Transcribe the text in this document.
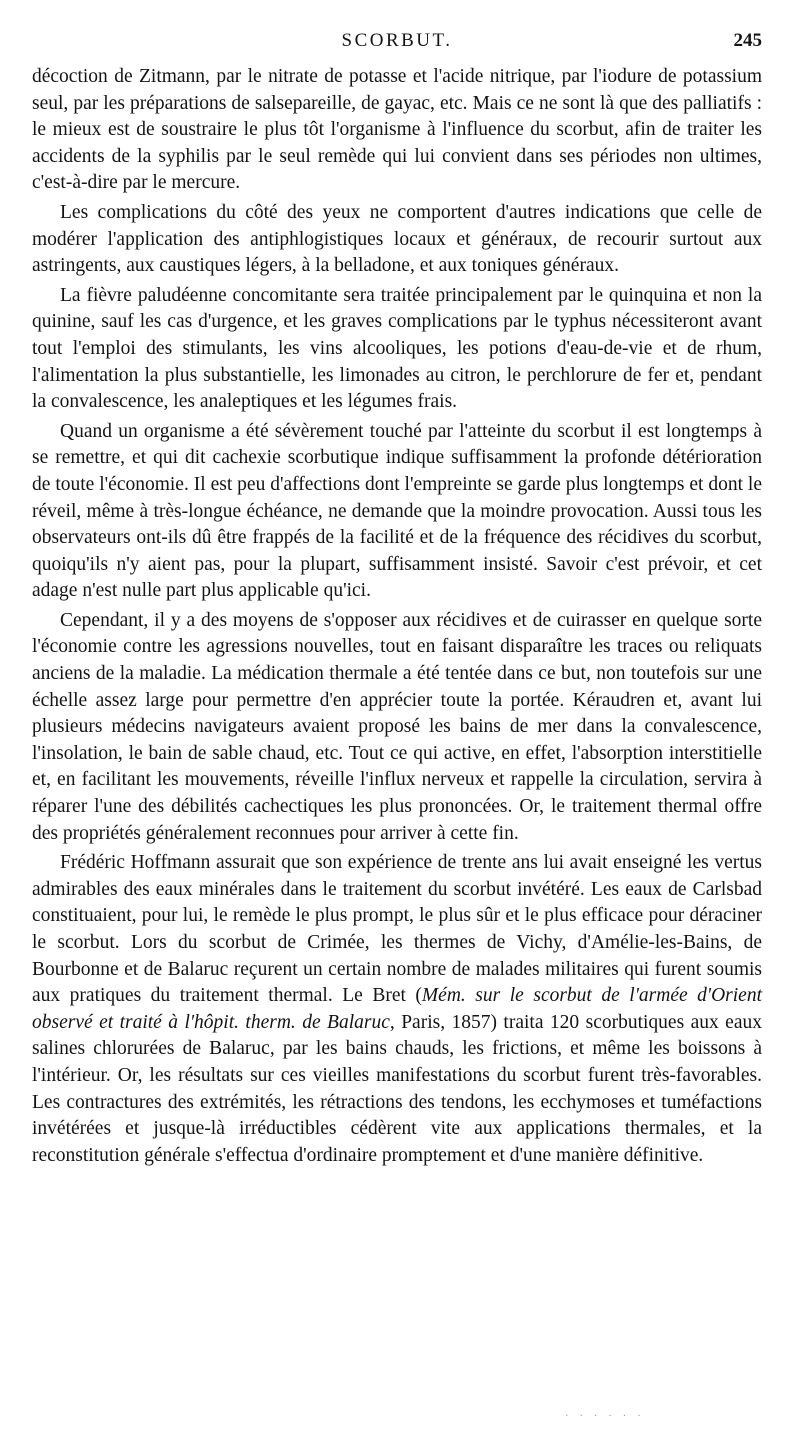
SCORBUT.	245

décoction de Zitmann, par le nitrate de potasse et l'acide nitrique, par l'iodure de potassium seul, par les préparations de salsepareille, de gayac, etc. Mais ce ne sont là que des palliatifs : le mieux est de soustraire le plus tôt l'organisme à l'influence du scorbut, afin de traiter les accidents de la syphilis par le seul remède qui lui convient dans ses périodes non ultimes, c'est-à-dire par le mercure.

Les complications du côté des yeux ne comportent d'autres indications que celle de modérer l'application des antiphlogistiques locaux et généraux, de recourir surtout aux astringents, aux caustiques légers, à la belladone, et aux toniques généraux.

La fièvre paludéenne concomitante sera traitée principalement par le quinquina et non la quinine, sauf les cas d'urgence, et les graves complications par le typhus nécessiteront avant tout l'emploi des stimulants, les vins alcooliques, les potions d'eau-de-vie et de rhum, l'alimentation la plus substantielle, les limonades au citron, le perchlorure de fer et, pendant la convalescence, les analeptiques et les légumes frais.

Quand un organisme a été sévèrement touché par l'atteinte du scorbut il est longtemps à se remettre, et qui dit cachexie scorbutique indique suffisamment la profonde détérioration de toute l'économie. Il est peu d'affections dont l'empreinte se garde plus longtemps et dont le réveil, même à très-longue échéance, ne demande que la moindre provocation. Aussi tous les observateurs ont-ils dû être frappés de la facilité et de la fréquence des récidives du scorbut, quoiqu'ils n'y aient pas, pour la plupart, suffisamment insisté. Savoir c'est prévoir, et cet adage n'est nulle part plus applicable qu'ici.

Cependant, il y a des moyens de s'opposer aux récidives et de cuirasser en quelque sorte l'économie contre les agressions nouvelles, tout en faisant disparaître les traces ou reliquats anciens de la maladie. La médication thermale a été tentée dans ce but, non toutefois sur une échelle assez large pour permettre d'en apprécier toute la portée. Kéraudren et, avant lui plusieurs médecins navigateurs avaient proposé les bains de mer dans la convalescence, l'insolation, le bain de sable chaud, etc. Tout ce qui active, en effet, l'absorption interstitielle et, en facilitant les mouvements, réveille l'influx nerveux et rappelle la circulation, servira à réparer l'une des débilités cachectiques les plus prononcées. Or, le traitement thermal offre des propriétés généralement reconnues pour arriver à cette fin.

Frédéric Hoffmann assurait que son expérience de trente ans lui avait enseigné les vertus admirables des eaux minérales dans le traitement du scorbut invétéré. Les eaux de Carlsbad constituaient, pour lui, le remède le plus prompt, le plus sûr et le plus efficace pour déraciner le scorbut. Lors du scorbut de Crimée, les thermes de Vichy, d'Amélie-les-Bains, de Bourbonne et de Balaruc reçurent un certain nombre de malades militaires qui furent soumis aux pratiques du traitement thermal. Le Bret (Mém. sur le scorbut de l'armée d'Orient observé et traité à l'hôpit. therm. de Balaruc, Paris, 1857) traita 120 scorbutiques aux eaux salines chlorurées de Balaruc, par les bains chauds, les frictions, et même les boissons à l'intérieur. Or, les résultats sur ces vieilles manifestations du scorbut furent très-favorables. Les contractures des extrémités, les rétractions des tendons, les ecchymoses et tuméfactions invétérées et jusque-là irréductibles cédèrent vite aux applications thermales, et la reconstitution générale s'effectua d'ordinaire promptement et d'une manière définitive.

· · · · · ·
